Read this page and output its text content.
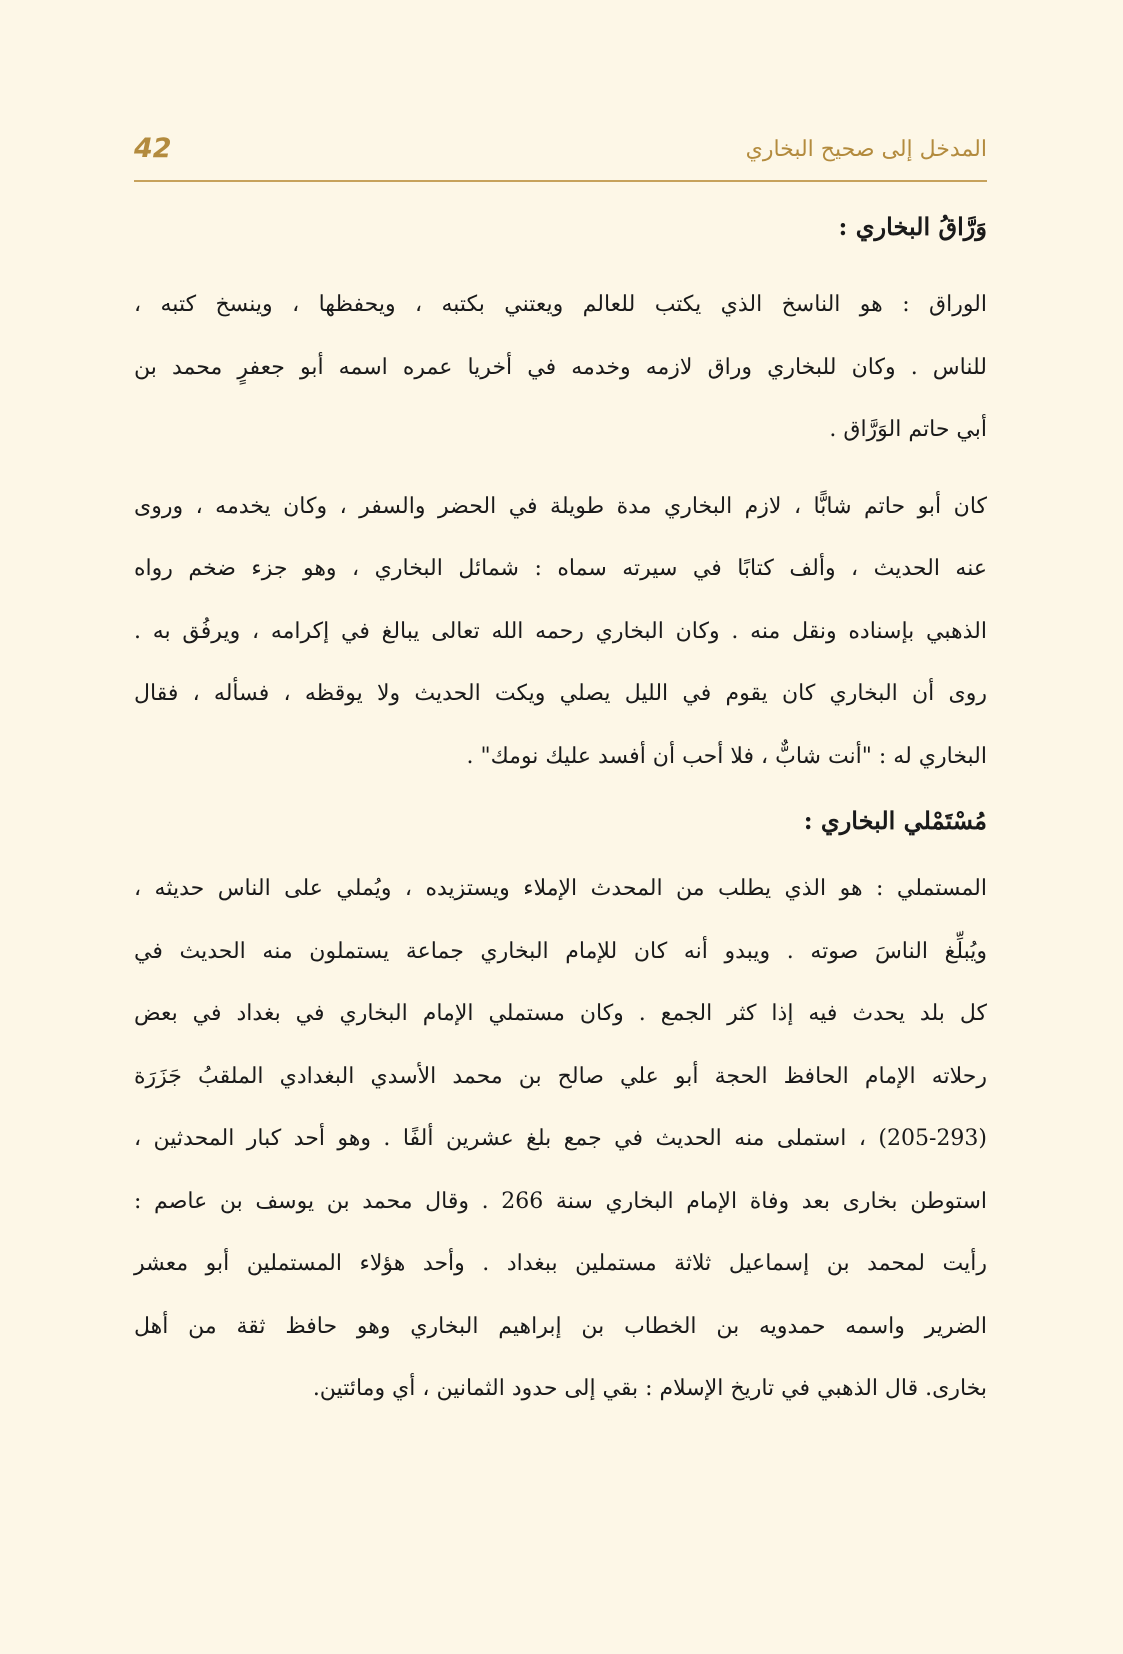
المدخل إلى صحيح البخاري
42
وَرَّاقُ البخاري :

الوراق : هو الناسخ الذي يكتب للعالم ويعتني بكتبه ، ويحفظها ، وينسخ كتبه ،
للناس . وكان للبخاري وراق لازمه وخدمه في أخريا عمره اسمه أبو جعفرٍ محمد بن
أبي حاتم الوَرَّاق .

كان أبو حاتم شابًّا ، لازم البخاري مدة طويلة في الحضر والسفر ، وكان يخدمه ، وروى
عنه الحديث ، وألف كتابًا في سيرته سماه : شمائل البخاري ، وهو جزء ضخم رواه
الذهبي بإسناده ونقل منه . وكان البخاري رحمه الله تعالى يبالغ في إكرامه ، ويرفُق به .
روى أن البخاري كان يقوم في الليل يصلي ويكت الحديث ولا يوقظه ، فسأله ، فقال
البخاري له : "أنت شابٌّ ، فلا أحب أن أفسد عليك نومك" .

مُسْتَمْلي البخاري :

المستملي : هو الذي يطلب من المحدث الإملاء ويستزيده ، ويُملي على الناس حديثه ،
ويُبلِّغ الناسَ صوته . ويبدو أنه كان للإمام البخاري جماعة يستملون منه الحديث في
كل بلد يحدث فيه إذا كثر الجمع . وكان مستملي الإمام البخاري في بغداد في بعض
رحلاته الإمام الحافظ الحجة أبو علي صالح بن محمد الأسدي البغدادي الملقبُ جَزَرَة
(205-293) ، استملى منه الحديث في جمع بلغ عشرين ألفًا . وهو أحد كبار المحدثين ،
استوطن بخارى بعد وفاة الإمام البخاري سنة 266 . وقال محمد بن يوسف بن عاصم :
رأيت لمحمد بن إسماعيل ثلاثة مستملين ببغداد . وأحد هؤلاء المستملين أبو معشر
الضرير واسمه حمدويه بن الخطاب بن إبراهيم البخاري وهو حافظ ثقة من أهل
بخارى. قال الذهبي في تاريخ الإسلام : بقي إلى حدود الثمانين ، أي ومائتين.
